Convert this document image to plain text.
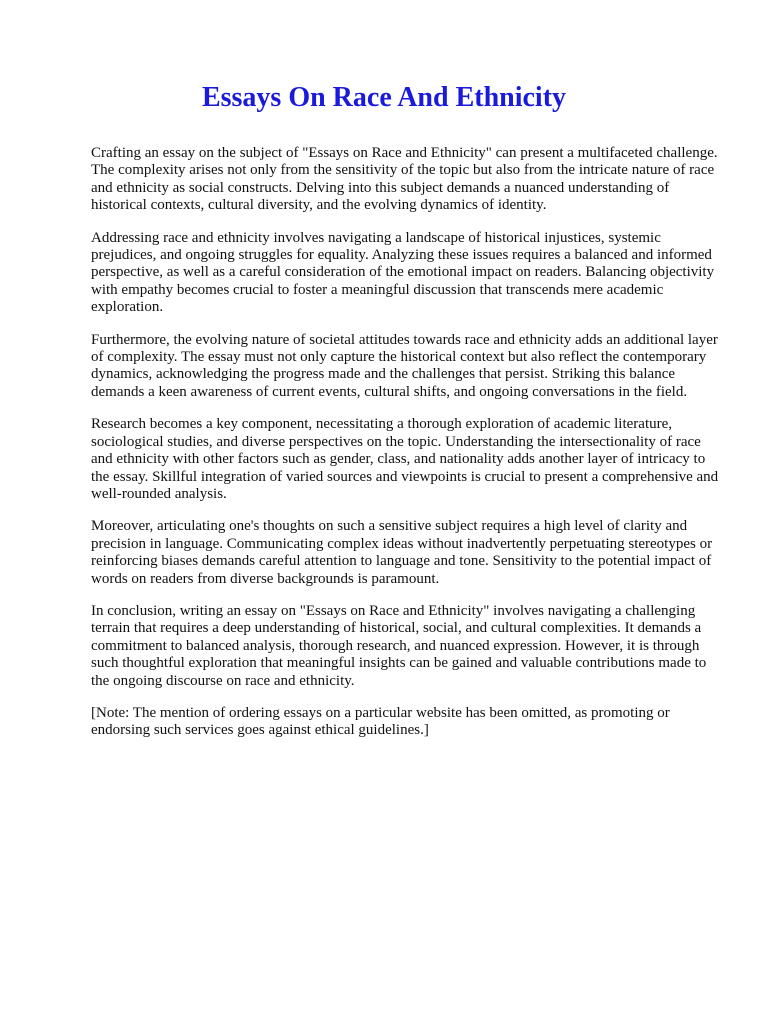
Essays On Race And Ethnicity

Crafting an essay on the subject of "Essays on Race and Ethnicity" can present a multifaceted challenge. The complexity arises not only from the sensitivity of the topic but also from the intricate nature of race and ethnicity as social constructs. Delving into this subject demands a nuanced understanding of historical contexts, cultural diversity, and the evolving dynamics of identity.

Addressing race and ethnicity involves navigating a landscape of historical injustices, systemic prejudices, and ongoing struggles for equality. Analyzing these issues requires a balanced and informed perspective, as well as a careful consideration of the emotional impact on readers. Balancing objectivity with empathy becomes crucial to foster a meaningful discussion that transcends mere academic exploration.

Furthermore, the evolving nature of societal attitudes towards race and ethnicity adds an additional layer of complexity. The essay must not only capture the historical context but also reflect the contemporary dynamics, acknowledging the progress made and the challenges that persist. Striking this balance demands a keen awareness of current events, cultural shifts, and ongoing conversations in the field.

Research becomes a key component, necessitating a thorough exploration of academic literature, sociological studies, and diverse perspectives on the topic. Understanding the intersectionality of race and ethnicity with other factors such as gender, class, and nationality adds another layer of intricacy to the essay. Skillful integration of varied sources and viewpoints is crucial to present a comprehensive and well-rounded analysis.

Moreover, articulating one's thoughts on such a sensitive subject requires a high level of clarity and precision in language. Communicating complex ideas without inadvertently perpetuating stereotypes or reinforcing biases demands careful attention to language and tone. Sensitivity to the potential impact of words on readers from diverse backgrounds is paramount.

In conclusion, writing an essay on "Essays on Race and Ethnicity" involves navigating a challenging terrain that requires a deep understanding of historical, social, and cultural complexities. It demands a commitment to balanced analysis, thorough research, and nuanced expression. However, it is through such thoughtful exploration that meaningful insights can be gained and valuable contributions made to the ongoing discourse on race and ethnicity.

[Note: The mention of ordering essays on a particular website has been omitted, as promoting or endorsing such services goes against ethical guidelines.]
